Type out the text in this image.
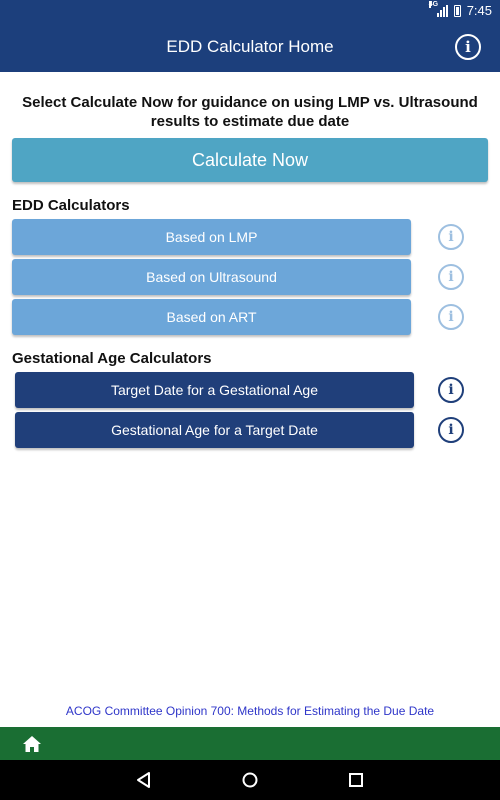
4G 7:45
EDD Calculator Home	i
Select Calculate Now for guidance on using LMP vs. Ultrasound results to estimate due date
Calculate Now
EDD Calculators
Based on LMP	i
Based on Ultrasound	i
Based on ART	i
Gestational Age Calculators
Target Date for a Gestational Age	i
Gestational Age for a Target Date	i
ACOG Committee Opinion 700: Methods for Estimating the Due Date
